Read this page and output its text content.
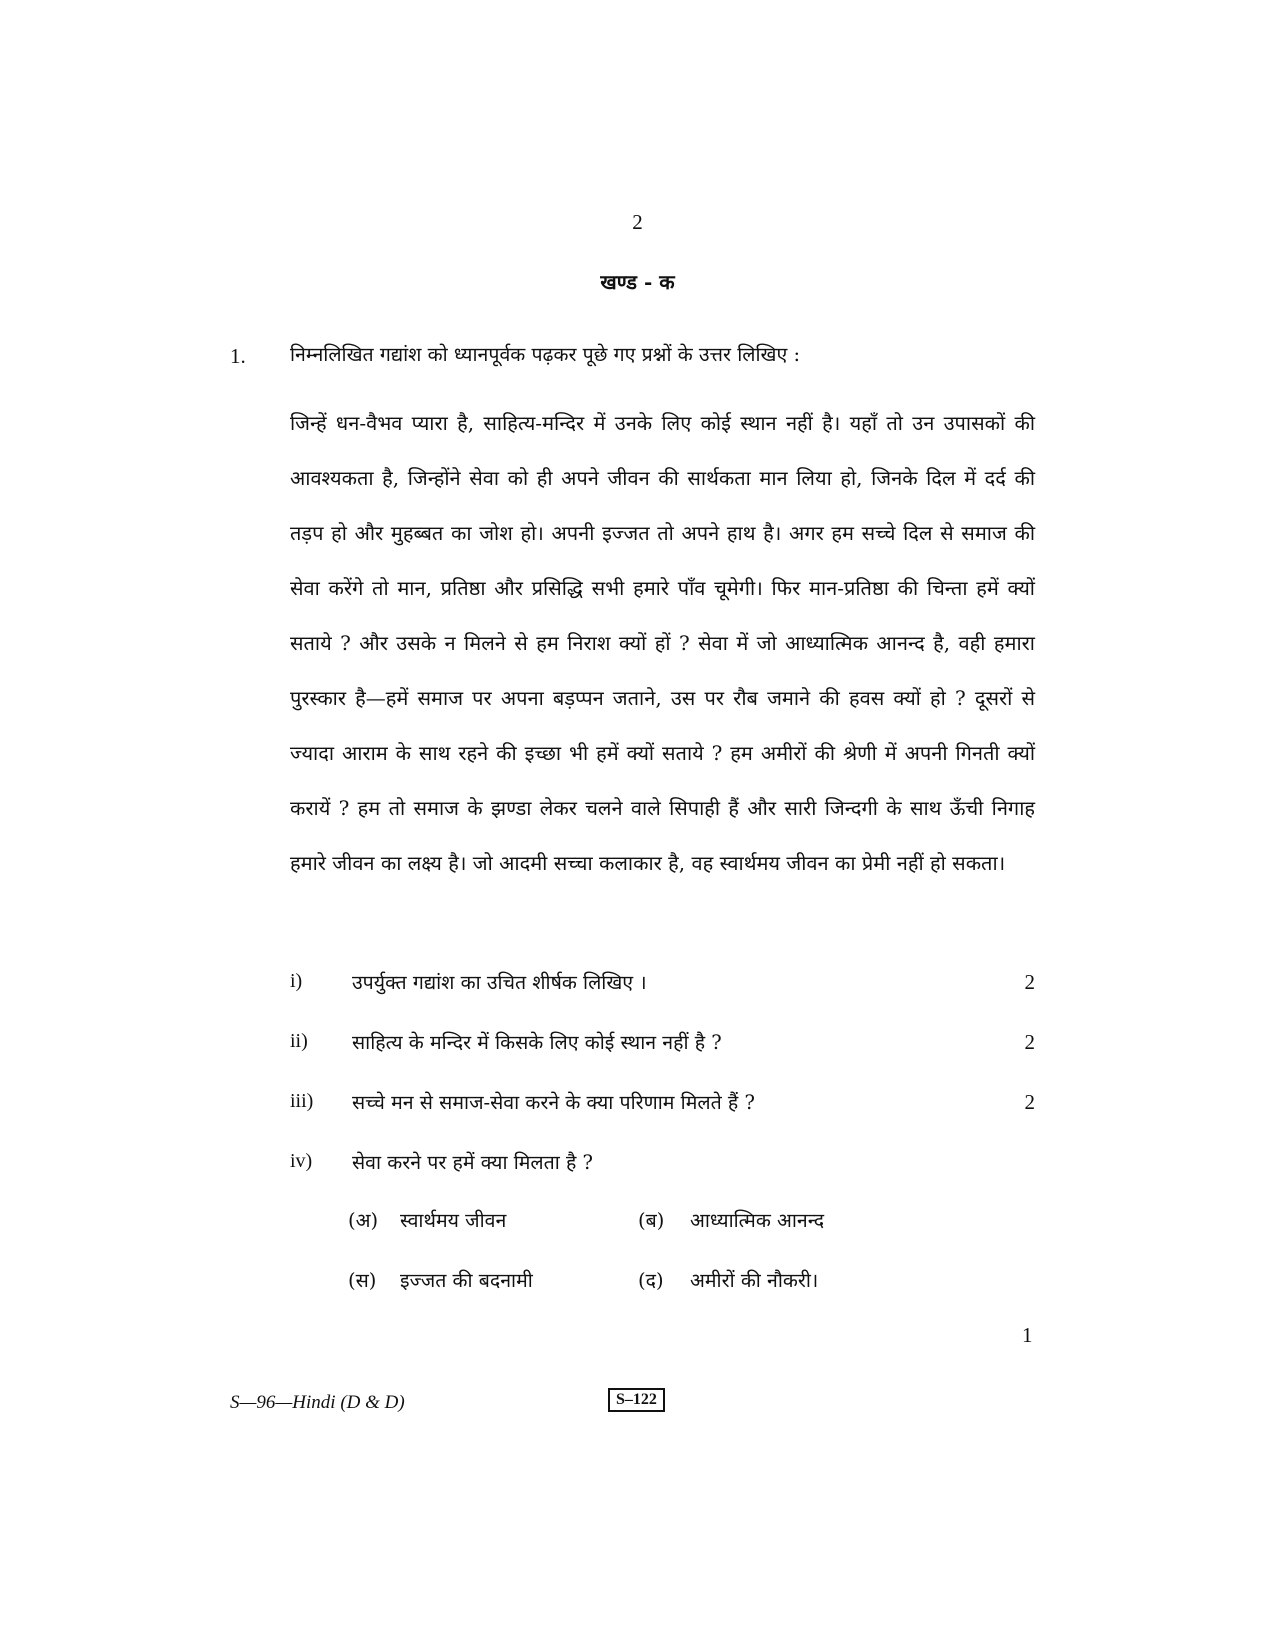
2
खण्ड - क
1. निम्नलिखित गद्यांश को ध्यानपूर्वक पढ़कर पूछे गए प्रश्नों के उत्तर लिखिए :
जिन्हें धन-वैभव प्यारा है, साहित्य-मन्दिर में उनके लिए कोई स्थान नहीं है। यहाँ तो उन उपासकों की आवश्यकता है, जिन्होंने सेवा को ही अपने जीवन की सार्थकता मान लिया हो, जिनके दिल में दर्द की तड़प हो और मुहब्बत का जोश हो। अपनी इज्जत तो अपने हाथ है। अगर हम सच्चे दिल से समाज की सेवा करेंगे तो मान, प्रतिष्ठा और प्रसिद्धि सभी हमारे पाँव चूमेगी। फिर मान-प्रतिष्ठा की चिन्ता हमें क्यों सताये ? और उसके न मिलने से हम निराश क्यों हों ? सेवा में जो आध्यात्मिक आनन्द है, वही हमारा पुरस्कार है—हमें समाज पर अपना बड़प्पन जताने, उस पर रौब जमाने की हवस क्यों हो ? दूसरों से ज्यादा आराम के साथ रहने की इच्छा भी हमें क्यों सताये ? हम अमीरों की श्रेणी में अपनी गिनती क्यों करायें ? हम तो समाज के झण्डा लेकर चलने वाले सिपाही हैं और सारी जिन्दगी के साथ ऊँची निगाह हमारे जीवन का लक्ष्य है। जो आदमी सच्चा कलाकार है, वह स्वार्थमय जीवन का प्रेमी नहीं हो सकता।
i)	उपर्युक्त गद्यांश का उचित शीर्षक लिखिए ।	2
ii) साहित्य के मन्दिर में किसके लिए कोई स्थान नहीं है ?	2
iii) सच्चे मन से समाज-सेवा करने के क्या परिणाम मिलते हैं ?	2
iv) सेवा करने पर हमें क्या मिलता है ?
(अ) स्वार्थमय जीवन	(ब) आध्यात्मिक आनन्द
(स) इज्जत की बदनामी	(द) अमीरों की नौकरी।
1
S—96—Hindi (D & D)	S–122
